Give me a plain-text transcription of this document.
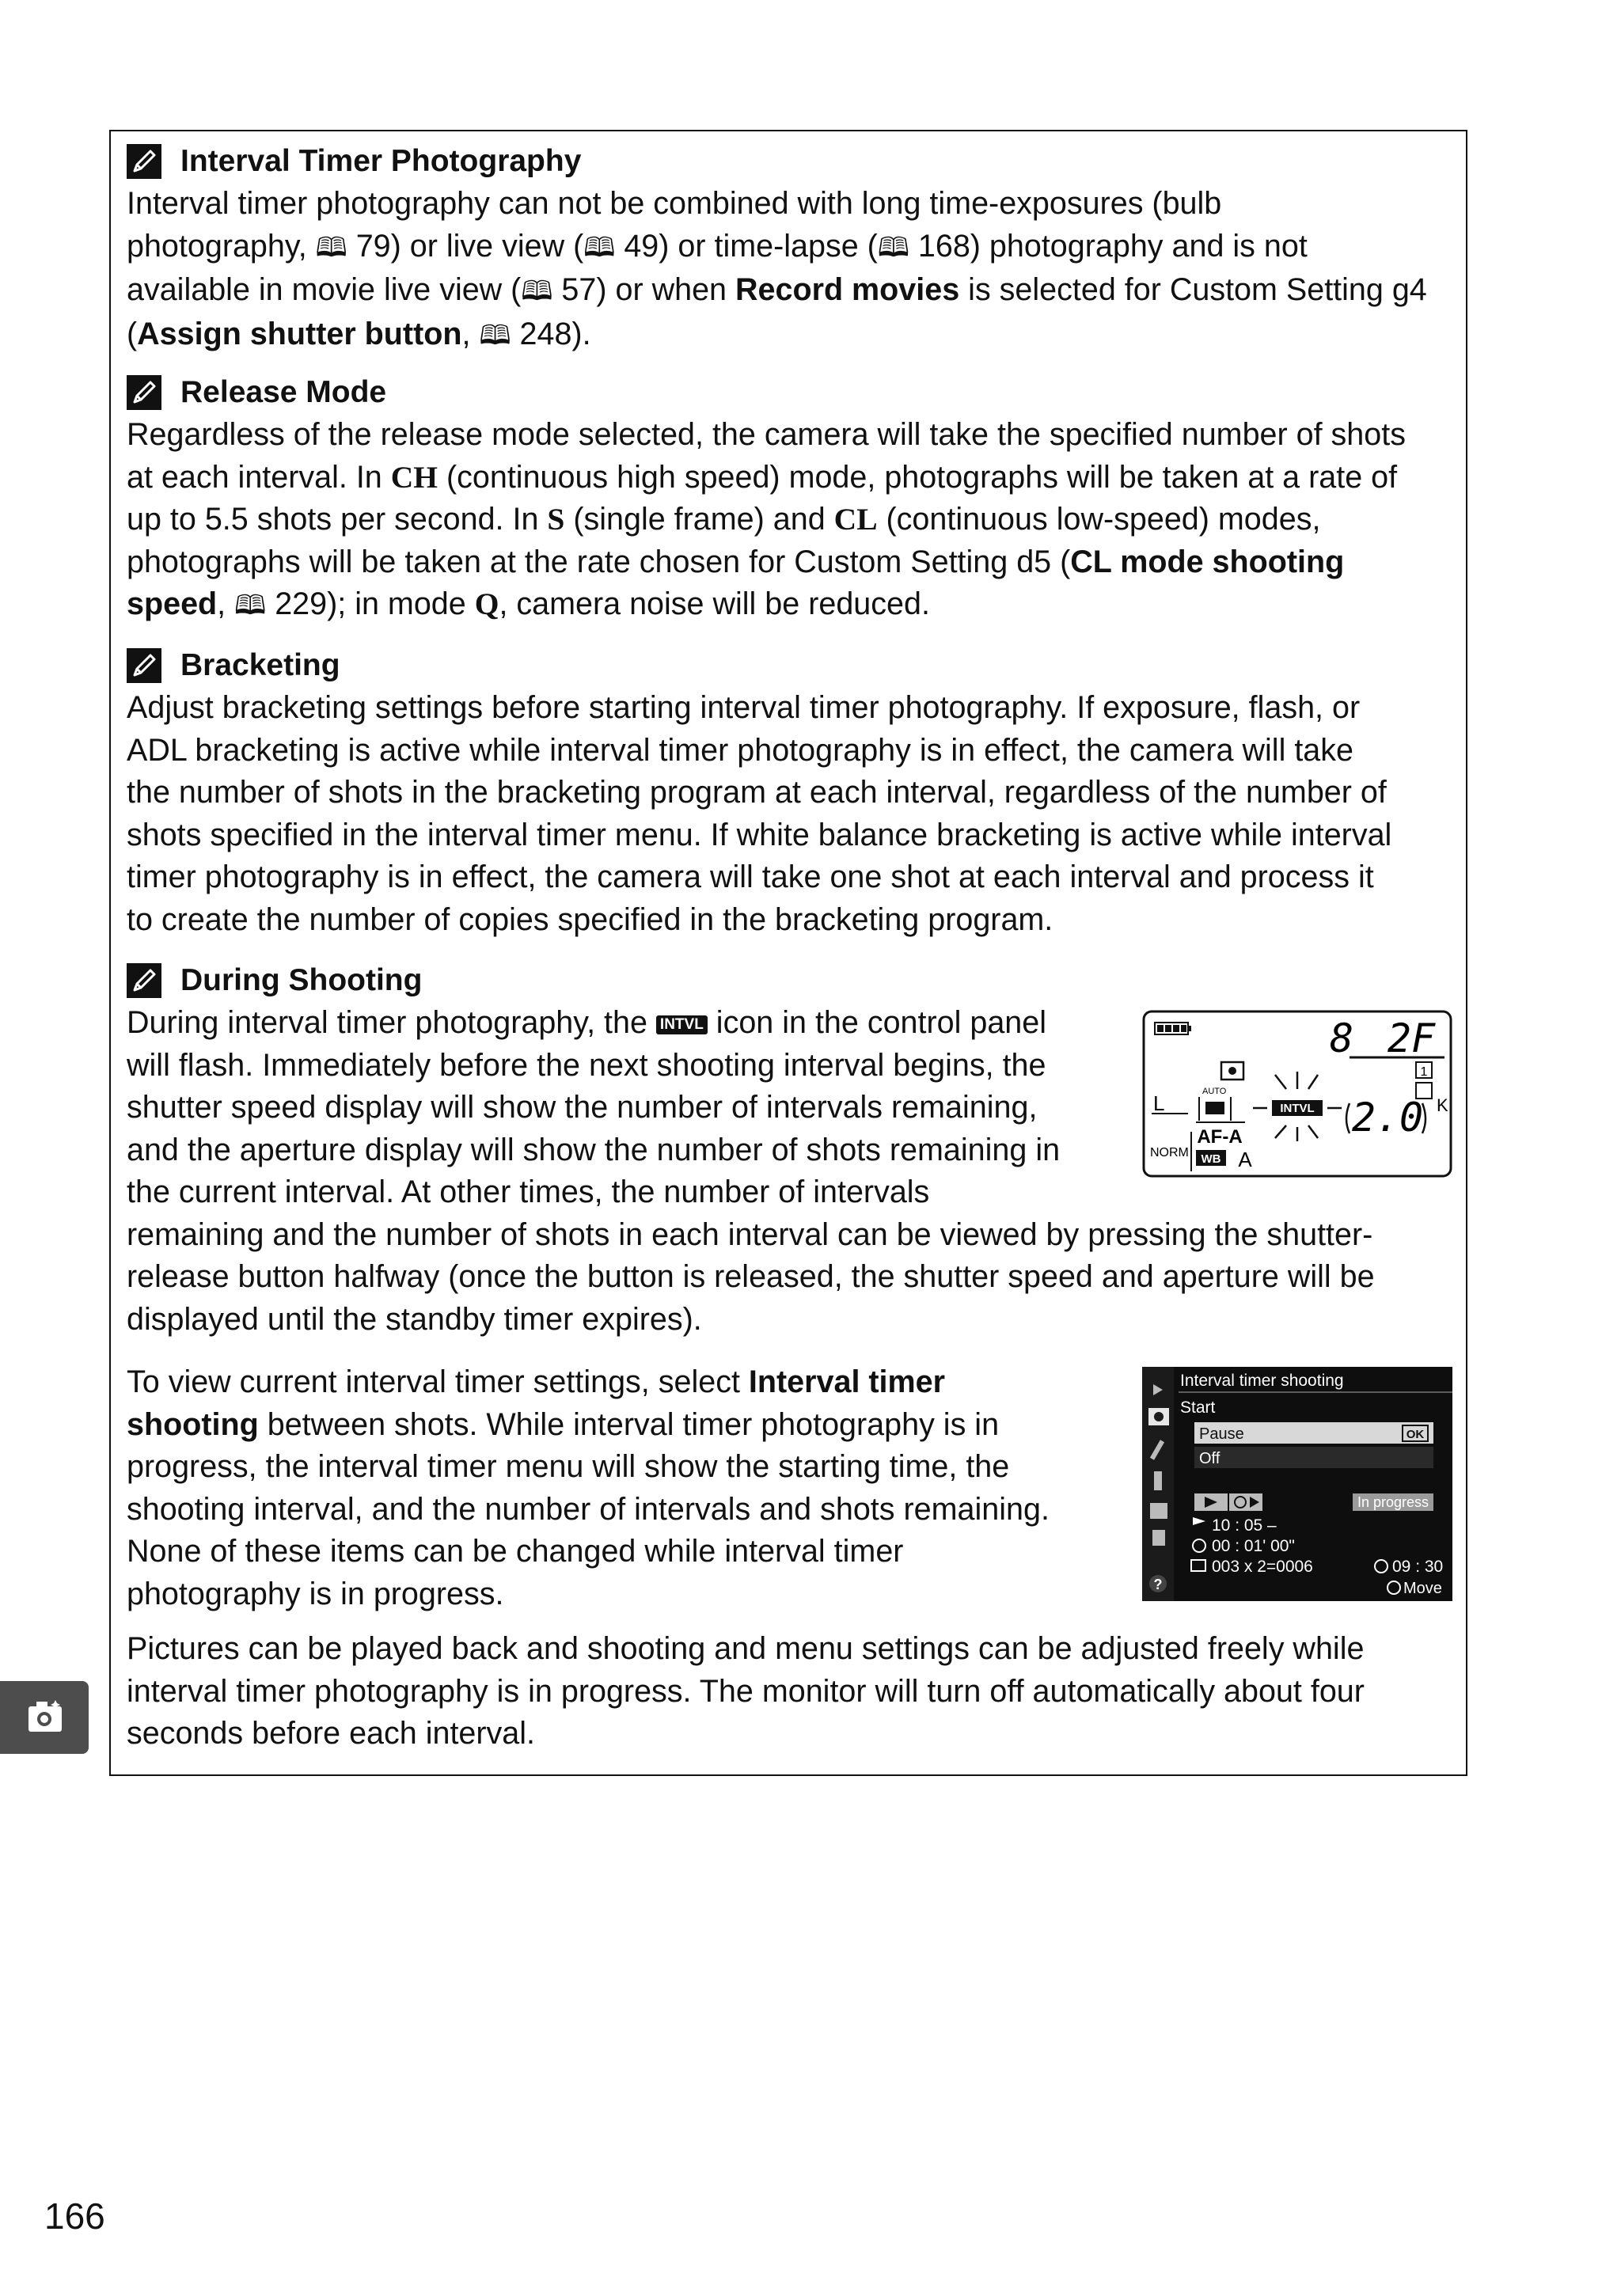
Interval Timer Photography
Interval timer photography can not be combined with long time-exposures (bulb
photography, 🕮 79) or live view (🕮 49) or time-lapse (🕮 168) photography and is not
available in movie live view (🕮 57) or when Record movies is selected for Custom Setting g4
(Assign shutter button, 🕮 248).
Release Mode
Regardless of the release mode selected, the camera will take the specified number of shots
at each interval. In CH (continuous high speed) mode, photographs will be taken at a rate of
up to 5.5 shots per second. In S (single frame) and CL (continuous low-speed) modes,
photographs will be taken at the rate chosen for Custom Setting d5 (CL mode shooting
speed, 🕮 229); in mode Q, camera noise will be reduced.
Bracketing
Adjust bracketing settings before starting interval timer photography. If exposure, flash, or
ADL bracketing is active while interval timer photography is in effect, the camera will take
the number of shots in the bracketing program at each interval, regardless of the number of
shots specified in the interval timer menu. If white balance bracketing is active while interval
timer photography is in effect, the camera will take one shot at each interval and process it
to create the number of copies specified in the bracketing program.
During Shooting
During interval timer photography, the INTVL icon in the control panel
will flash. Immediately before the next shooting interval begins, the
shutter speed display will show the number of intervals remaining,
and the aperture display will show the number of shots remaining in
the current interval. At other times, the number of intervals
remaining and the number of shots in each interval can be viewed by pressing the shutter-
release button halfway (once the button is released, the shutter speed and aperture will be
displayed until the standby timer expires).
To view current interval timer settings, select Interval timer
shooting between shots. While interval timer photography is in
progress, the interval timer menu will show the starting time, the
shooting interval, and the number of intervals and shots remaining.
None of these items can be changed while interval timer
photography is in progress.
Pictures can be played back and shooting and menu settings can be adjusted freely while
interval timer photography is in progress. The monitor will turn off automatically about four
seconds before each interval.
8 2F
1
INTVL 2.0 K
L	AUTO
AF-A
NORM WB A
?
Interval timer shooting
Start
Pause	OK
Off
In progress
10 : 05 –
00 : 01' 00"
003 x 2=0006	09 : 30
Move
166
